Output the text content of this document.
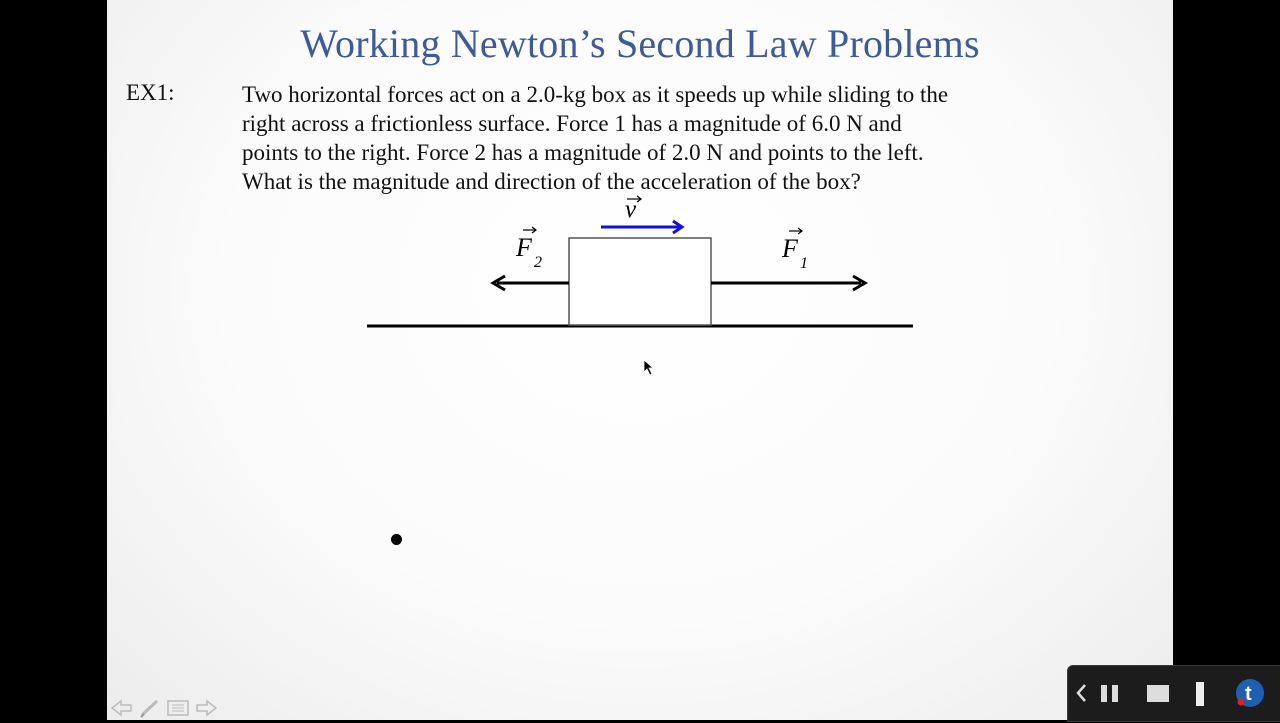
Working Newton’s Second Law Problems
EX1:	Two horizontal forces act on a 2.0-kg box as it speeds up while sliding to the
right across a frictionless surface. Force 1 has a magnitude of 6.0 N and
points to the right. Force 2 has a magnitude of 2.0 N and points to the left.
What is the magnitude and direction of the acceleration of the box?
v
F
2	F
1
t
